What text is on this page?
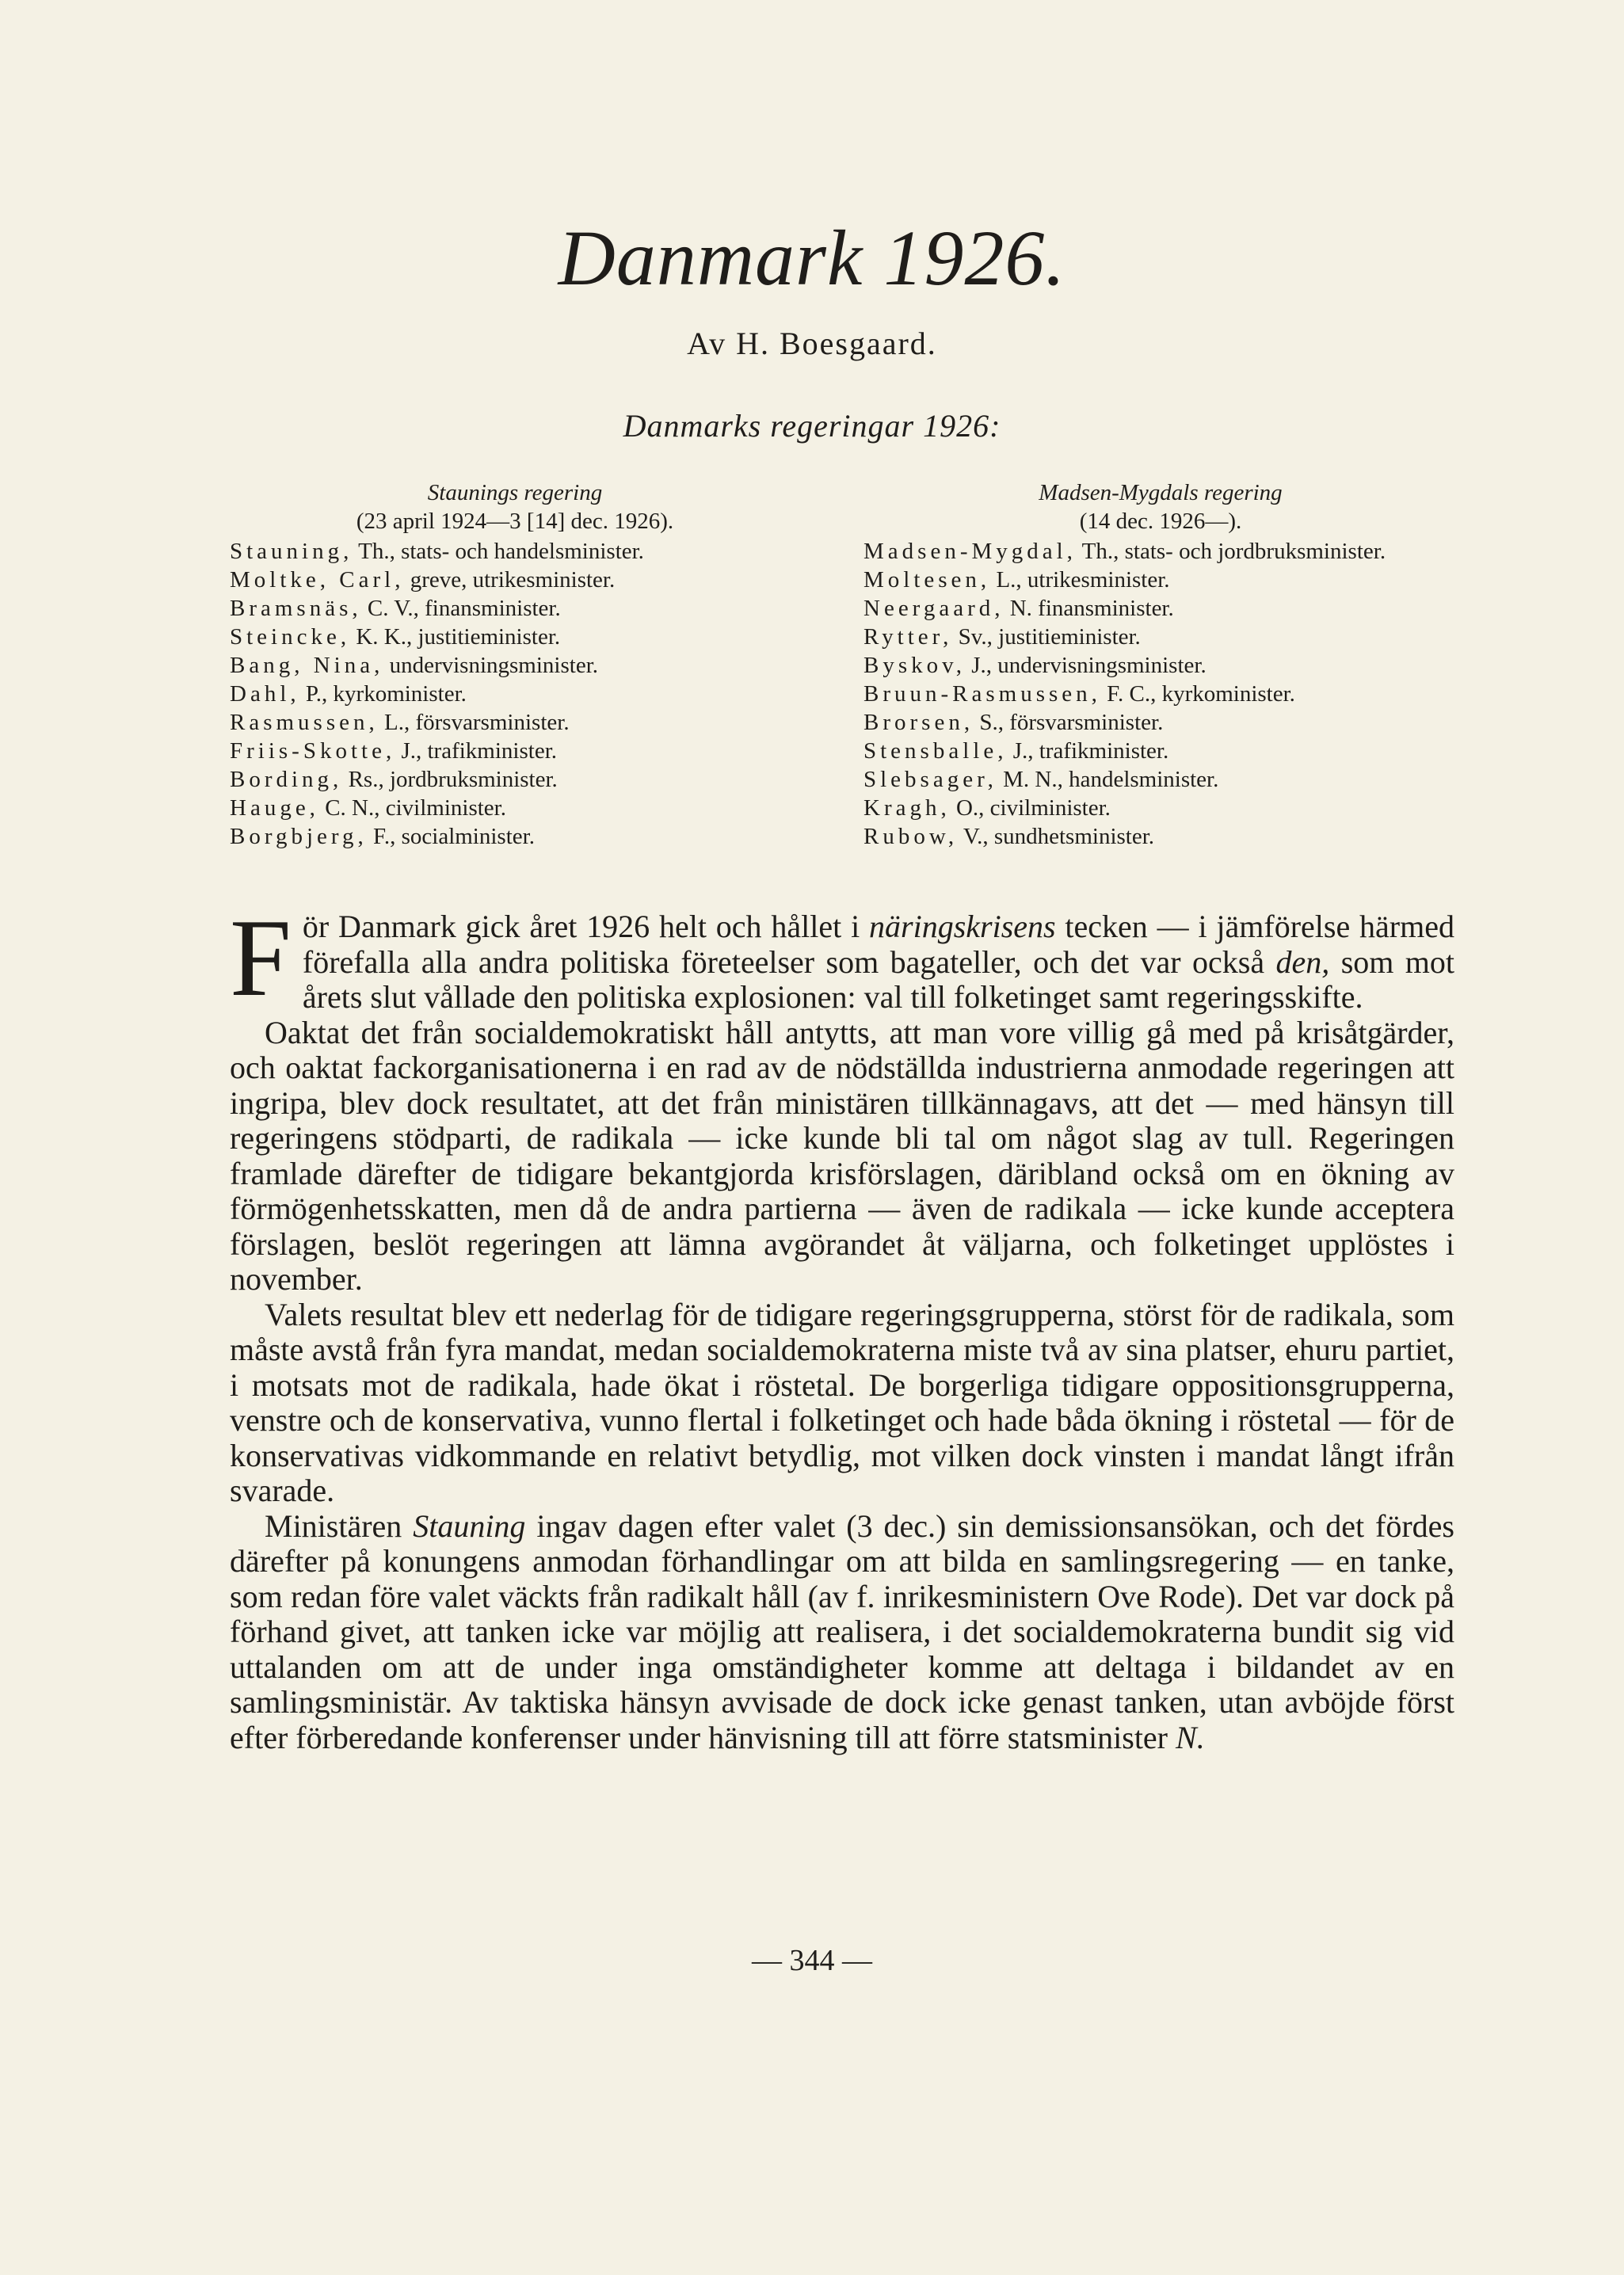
Danmark 1926.
Av H. Boesgaard.
Danmarks regeringar 1926:
Staunings regering
(23 april 1924—3 [14] dec. 1926).
Stauning, Th., stats- och handelsminister.
Moltke, Carl, greve, utrikesminister.
Bramsnäs, C. V., finansminister.
Steincke, K. K., justitieminister.
Bang, Nina, undervisningsminister.
Dahl, P., kyrkominister.
Rasmussen, L., försvarsminister.
Friis-Skotte, J., trafikminister.
Bording, Rs., jordbruksminister.
Hauge, C. N., civilminister.
Borgbjerg, F., socialminister.
Madsen-Mygdals regering
(14 dec. 1926—).
Madsen-Mygdal, Th., stats- och jordbruksminister.
Moltesen, L., utrikesminister.
Neergaard, N. finansminister.
Rytter, Sv., justitieminister.
Byskov, J., undervisningsminister.
Bruun-Rasmussen, F. C., kyrkominister.
Brorsen, S., försvarsminister.
Stensballe, J., trafikminister.
Slebsager, M. N., handelsminister.
Kragh, O., civilminister.
Rubow, V., sundhetsminister.

För Danmark gick året 1926 helt och hållet i näringskrisens tecken — i jämförelse härmed förefalla alla andra politiska företeelser som bagateller, och det var också den, som mot årets slut vållade den politiska explosionen: val till folketinget samt regeringsskifte.

Oaktat det från socialdemokratiskt håll antytts, att man vore villig gå med på krisåtgärder, och oaktat fackorganisationerna i en rad av de nödställda industrierna anmodade regeringen att ingripa, blev dock resultatet, att det från ministären tillkännagavs, att det — med hänsyn till regeringens stödparti, de radikala — icke kunde bli tal om något slag av tull. Regeringen framlade därefter de tidigare bekantgjorda krisförslagen, däribland också om en ökning av förmögenhetsskatten, men då de andra partierna — även de radikala — icke kunde acceptera förslagen, beslöt regeringen att lämna avgörandet åt väljarna, och folketinget upplöstes i november.

Valets resultat blev ett nederlag för de tidigare regeringsgrupperna, störst för de radikala, som måste avstå från fyra mandat, medan socialdemokraterna miste två av sina platser, ehuru partiet, i motsats mot de radikala, hade ökat i röstetal. De borgerliga tidigare oppositionsgrupperna, venstre och de konservativa, vunno flertal i folketinget och hade båda ökning i röstetal — för de konservativas vidkommande en relativt betydlig, mot vilken dock vinsten i mandat långt ifrån svarade.

Ministären Stauning ingav dagen efter valet (3 dec.) sin demissionsansökan, och det fördes därefter på konungens anmodan förhandlingar om att bilda en samlingsregering — en tanke, som redan före valet väckts från radikalt håll (av f. inrikesministern Ove Rode). Det var dock på förhand givet, att tanken icke var möjlig att realisera, i det socialdemokraterna bundit sig vid uttalanden om att de under inga omständigheter komme att deltaga i bildandet av en samlingsministär. Av taktiska hänsyn avvisade de dock icke genast tanken, utan avböjde först efter förberedande konferenser under hänvisning till att förre statsminister N.

— 344 —
